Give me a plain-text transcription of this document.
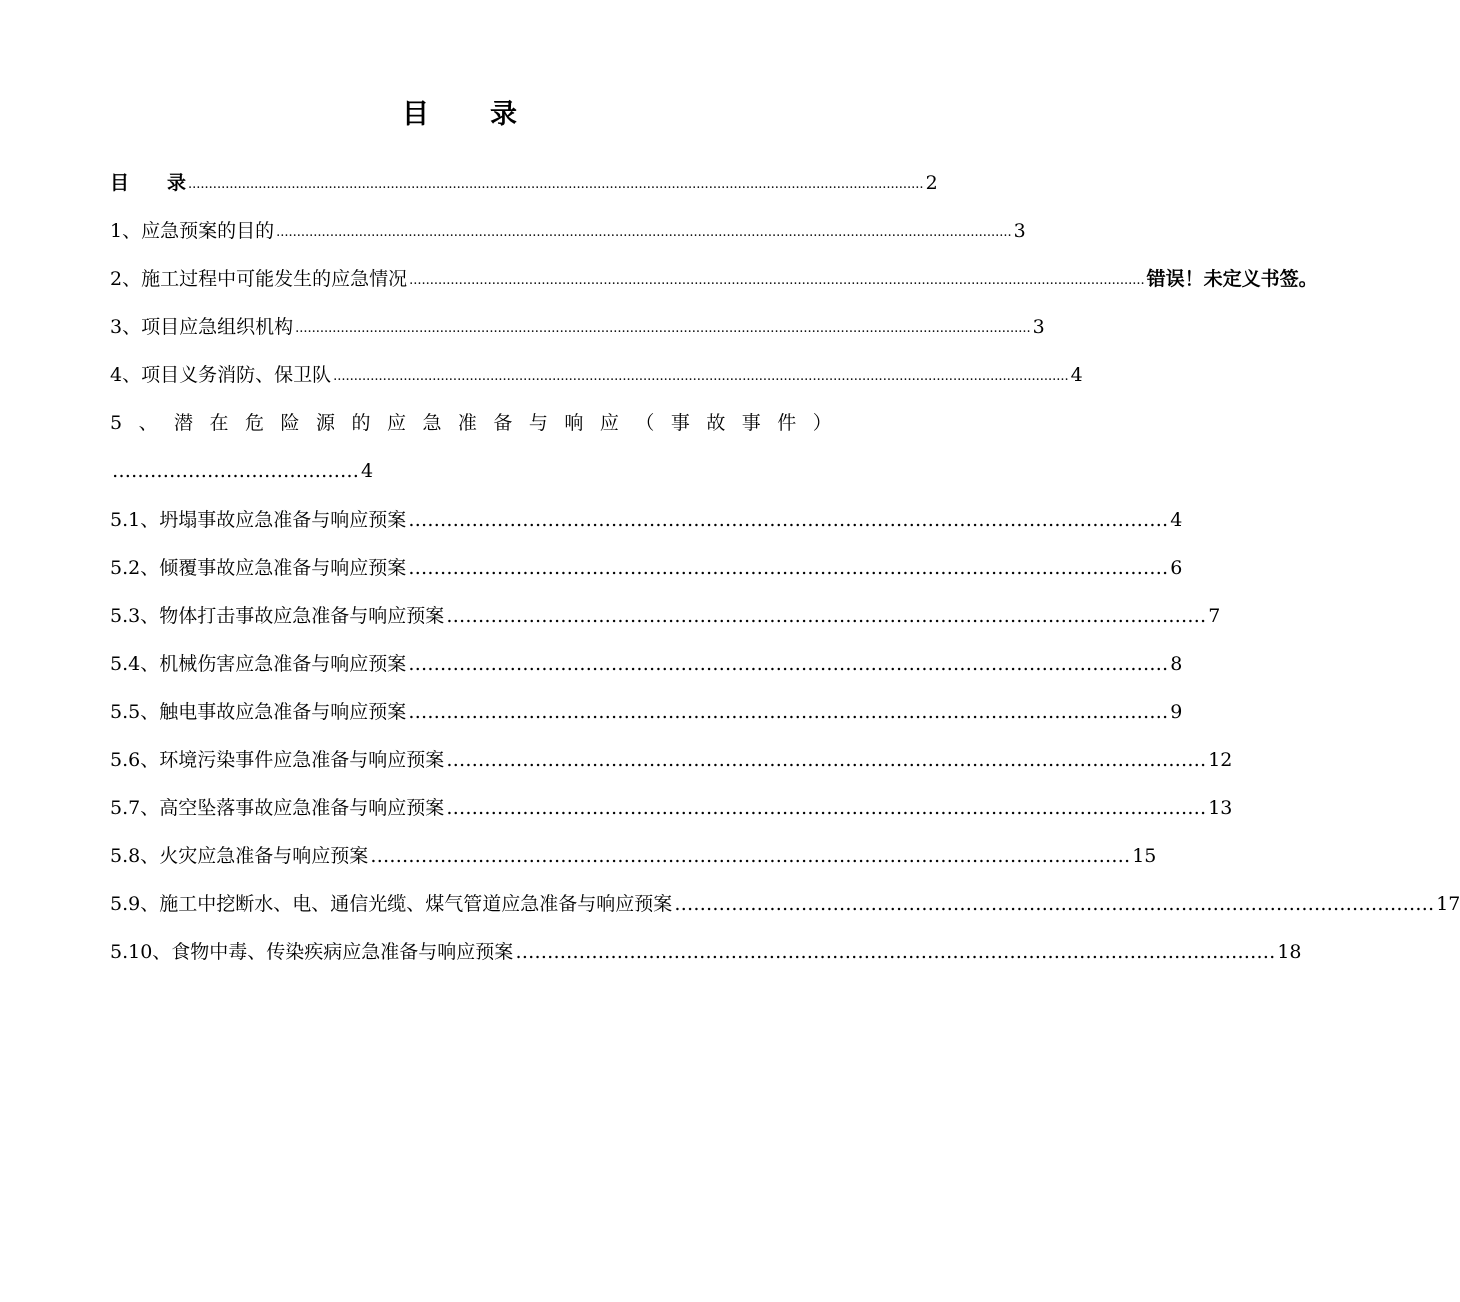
目 录
目　　录 .................................................................................................................................................................................. 2
1、应急预案的目的 .................................................................................................................................................................................. 3
2、施工过程中可能发生的应急情况 .................................................................................................................................................................................. 错误！未定义书签。
3、项目应急组织机构 .................................................................................................................................................................................. 3
4、项目义务消防、保卫队 .................................................................................................................................................................................. 4
5 、 潜 在 危 险 源 的 应 急 准 备 与 响 应 （ 事 故 事 件 ）
………………………………… 4
5.1、坍塌事故应急准备与响应预案 ………………………………………………………………………………………………………… 4
5.2、倾覆事故应急准备与响应预案 ………………………………………………………………………………………………………… 6
5.3、物体打击事故应急准备与响应预案 ………………………………………………………………………………………………………… 7
5.4、机械伤害应急准备与响应预案 ………………………………………………………………………………………………………… 8
5.5、触电事故应急准备与响应预案 ………………………………………………………………………………………………………… 9
5.6、环境污染事件应急准备与响应预案 ………………………………………………………………………………………………………… 12
5.7、高空坠落事故应急准备与响应预案 ………………………………………………………………………………………………………… 13
5.8、火灾应急准备与响应预案 ………………………………………………………………………………………………………… 15
5.9、施工中挖断水、电、通信光缆、煤气管道应急准备与响应预案 ………………………………………………………………………………………………………… 17
5.10、食物中毒、传染疾病应急准备与响应预案 ………………………………………………………………………………………………………… 18
